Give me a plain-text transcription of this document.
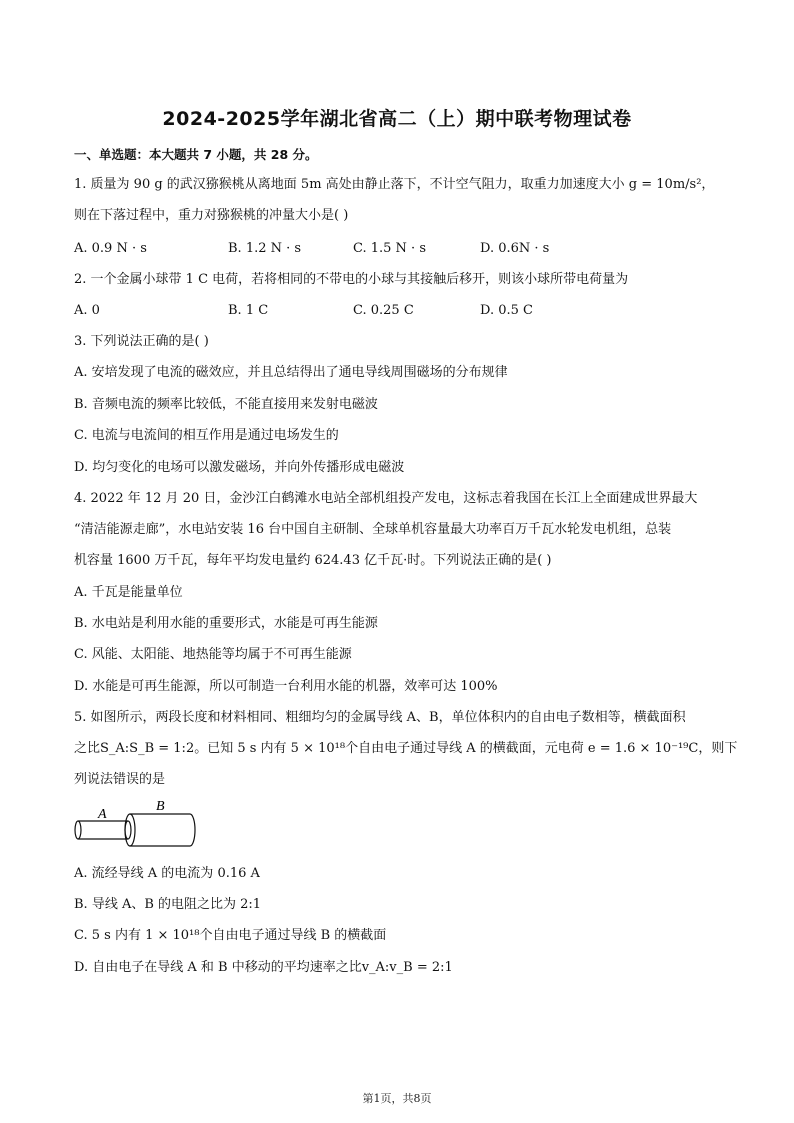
2024-2025学年湖北省高二（上）期中联考物理试卷
一、单选题：本大题共 7 小题，共 28 分。
1. 质量为 90 g 的武汉猕猴桃从离地面 5m 高处由静止落下，不计空气阻力，取重力加速度大小 g = 10m/s²，
则在下落过程中，重力对猕猴桃的冲量大小是( )
A. 0.9 N · s	B. 1.2 N · s	C. 1.5 N · s	D. 0.6N · s
2. 一个金属小球带 1 C 电荷，若将相同的不带电的小球与其接触后移开，则该小球所带电荷量为
A. 0	B. 1 C	C. 0.25 C	D. 0.5 C
3. 下列说法正确的是( )
A. 安培发现了电流的磁效应，并且总结得出了通电导线周围磁场的分布规律
B. 音频电流的频率比较低，不能直接用来发射电磁波
C. 电流与电流间的相互作用是通过电场发生的
D. 均匀变化的电场可以激发磁场，并向外传播形成电磁波
4. 2022 年 12 月 20 日，金沙江白鹤滩水电站全部机组投产发电，这标志着我国在长江上全面建成世界最大
“清洁能源走廊”，水电站安装 16 台中国自主研制、全球单机容量最大功率百万千瓦水轮发电机组，总装
机容量 1600 万千瓦，每年平均发电量约 624.43 亿千瓦·时。下列说法正确的是( )
A. 千瓦是能量单位
B. 水电站是利用水能的重要形式，水能是可再生能源
C. 风能、太阳能、地热能等均属于不可再生能源
D. 水能是可再生能源，所以可制造一台利用水能的机器，效率可达 100%
5. 如图所示，两段长度和材料相同、粗细均匀的金属导线 A、B，单位体积内的自由电子数相等，横截面积
之比S_A:S_B = 1:2。已知 5 s 内有 5 × 10¹⁸个自由电子通过导线 A 的横截面，元电荷 e = 1.6 × 10⁻¹⁹C，则下
列说法错误的是
A
B
A. 流经导线 A 的电流为 0.16 A
B. 导线 A、B 的电阻之比为 2:1
C. 5 s 内有 1 × 10¹⁸个自由电子通过导线 B 的横截面
D. 自由电子在导线 A 和 B 中移动的平均速率之比v_A:v_B = 2:1
第1页，共8页
